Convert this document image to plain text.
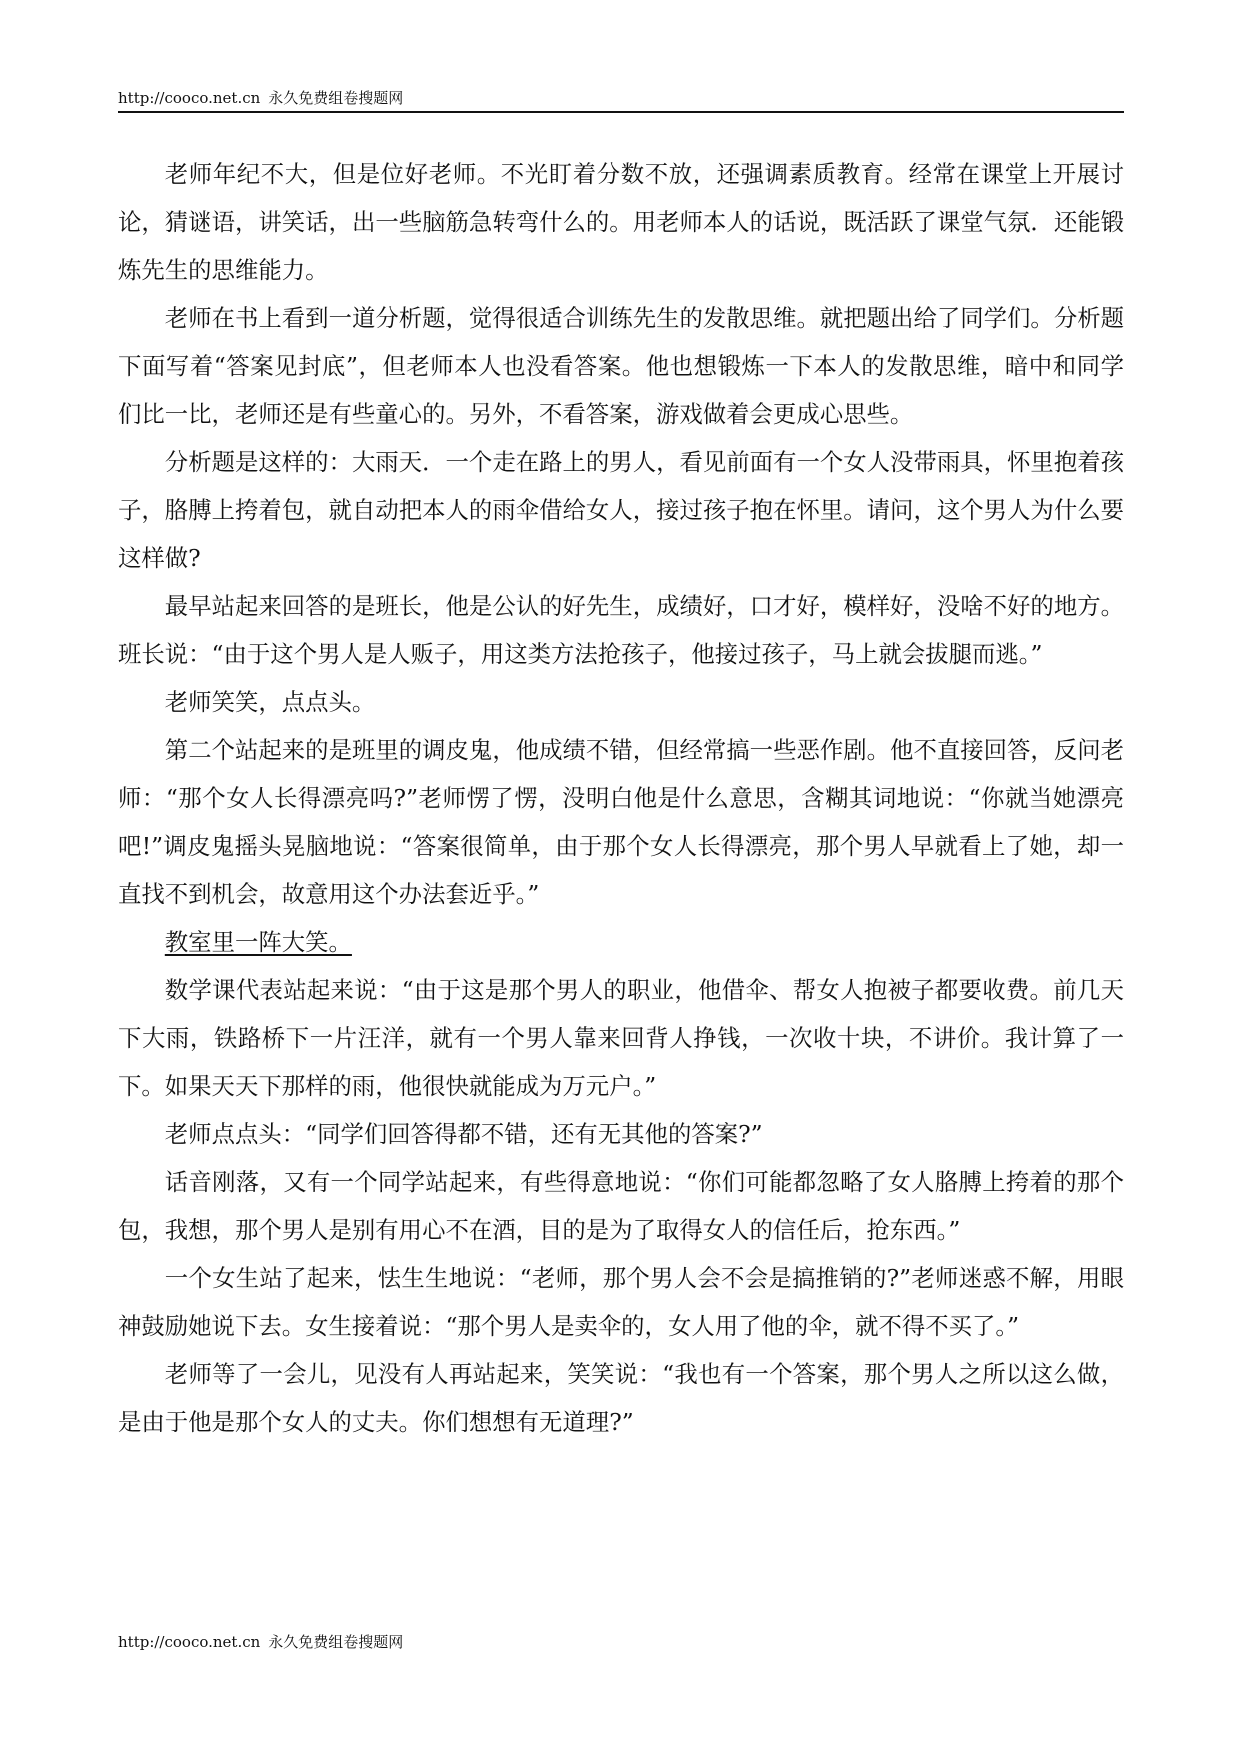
http://cooco.net.cn 永久免费组卷搜题网

老师年纪不大，但是位好老师。不光盯着分数不放，还强调素质教育。经常在课堂上开展讨论，猜谜语，讲笑话，出一些脑筋急转弯什么的。用老师本人的话说，既活跃了课堂气氛．还能锻炼先生的思维能力。

老师在书上看到一道分析题，觉得很适合训练先生的发散思维。就把题出给了同学们。分析题下面写着“答案见封底”，但老师本人也没看答案。他也想锻炼一下本人的发散思维，暗中和同学们比一比，老师还是有些童心的。另外，不看答案，游戏做着会更成心思些。

分析题是这样的：大雨天．一个走在路上的男人，看见前面有一个女人没带雨具，怀里抱着孩子，胳膊上挎着包，就自动把本人的雨伞借给女人，接过孩子抱在怀里。请问，这个男人为什么要这样做?

最早站起来回答的是班长，他是公认的好先生，成绩好，口才好，模样好，没啥不好的地方。班长说：“由于这个男人是人贩子，用这类方法抢孩子，他接过孩子，马上就会拔腿而逃。”

老师笑笑，点点头。

第二个站起来的是班里的调皮鬼，他成绩不错，但经常搞一些恶作剧。他不直接回答，反问老师：“那个女人长得漂亮吗?”老师愣了愣，没明白他是什么意思，含糊其词地说：“你就当她漂亮吧!”调皮鬼摇头晃脑地说：“答案很简单，由于那个女人长得漂亮，那个男人早就看上了她，却一直找不到机会，故意用这个办法套近乎。”

教室里一阵大笑。

数学课代表站起来说：“由于这是那个男人的职业，他借伞、帮女人抱被子都要收费。前几天下大雨，铁路桥下一片汪洋，就有一个男人靠来回背人挣钱，一次收十块，不讲价。我计算了一下。如果天天下那样的雨，他很快就能成为万元户。”

老师点点头：“同学们回答得都不错，还有无其他的答案?”

话音刚落，又有一个同学站起来，有些得意地说：“你们可能都忽略了女人胳膊上挎着的那个包，我想，那个男人是别有用心不在酒，目的是为了取得女人的信任后，抢东西。”

一个女生站了起来，怯生生地说：“老师，那个男人会不会是搞推销的?”老师迷惑不解，用眼神鼓励她说下去。女生接着说：“那个男人是卖伞的，女人用了他的伞，就不得不买了。”

老师等了一会儿，见没有人再站起来，笑笑说：“我也有一个答案，那个男人之所以这么做，是由于他是那个女人的丈夫。你们想想有无道理?”

http://cooco.net.cn 永久免费组卷搜题网
